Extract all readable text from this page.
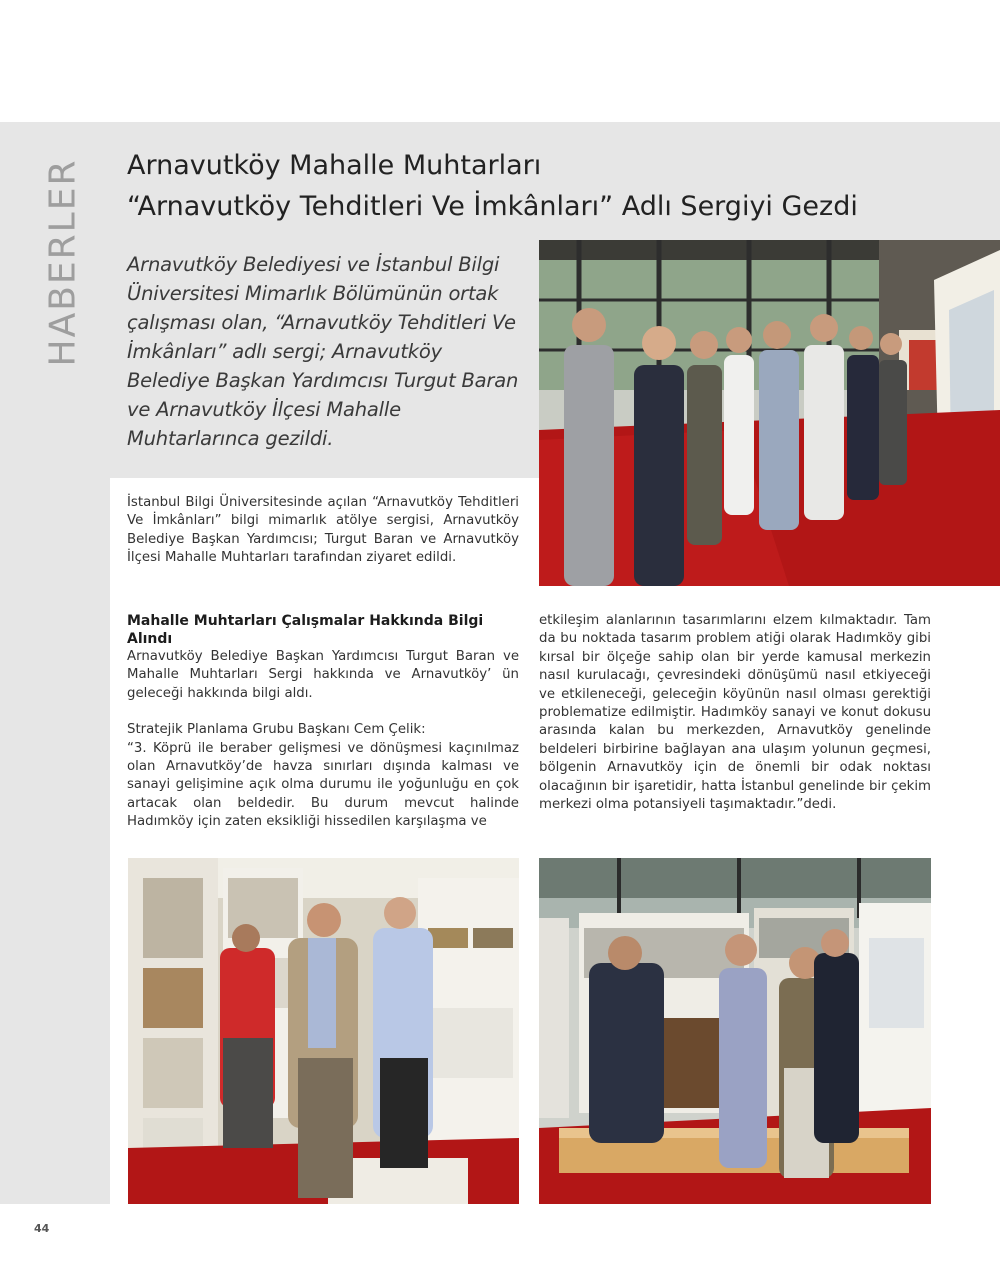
HABERLER Arnavutköy Mahalle Muhtarları
“Arnavutköy Tehditleri Ve İmkânları” Adlı Sergiyi Gezdi
Arnavutköy Belediyesi ve İstanbul Bilgi Üniversitesi Mimarlık Bölümünün ortak çalışması olan, “Arnavutköy Tehditleri Ve İmkânları” adlı sergi; Arnavutköy Belediye Başkan Yardımcısı Turgut Baran ve Arnavutköy İlçesi Mahalle Muhtarlarınca gezildi.
İstanbul Bilgi Üniversitesinde açılan “Arnavutköy Tehditleri Ve İmkânları” bilgi mimarlık atölye sergisi, Arnavutköy Belediye Başkan Yardımcısı; Turgut Baran ve Arnavutköy İlçesi Mahalle Muhtarları tarafından ziyaret edildi.
Mahalle Muhtarları Çalışmalar Hakkında Bilgi Alındı

Arnavutköy Belediye Başkan Yardımcısı Turgut Baran ve Mahalle Muhtarları Sergi hakkında ve Arnavutköy’ ün geleceği hakkında bilgi aldı.

Stratejik Planlama Grubu Başkanı Cem Çelik:

“3. Köprü ile beraber gelişmesi ve dönüşmesi kaçınılmaz olan Arnavutköy’de havza sınırları dışında kalması ve sanayi gelişimine açık olma durumu ile yoğunluğu en çok artacak olan beldedir. Bu durum mevcut halinde Hadımköy için zaten eksikliği hissedilen karşılaşma ve

etkileşim alanlarının tasarımlarını elzem kılmaktadır. Tam da bu noktada tasarım problem atiği olarak Hadımköy gibi kırsal bir ölçeğe sahip olan bir yerde kamusal merkezin nasıl kurulacağı, çevresindeki dönüşümü nasıl etkiyeceği ve etkileneceği, geleceğin köyünün nasıl olması gerektiği problematize edilmiştir. Hadımköy sanayi ve konut dokusu arasında kalan bu merkezden, Arnavutköy genelinde beldeleri birbirine bağlayan ana ulaşım yolunun geçmesi, bölgenin Arnavutköy için de önemli bir odak noktası olacağının bir işaretidir, hatta İstanbul genelinde bir çekim merkezi olma potansiyeli taşımaktadır.”dedi.

44
